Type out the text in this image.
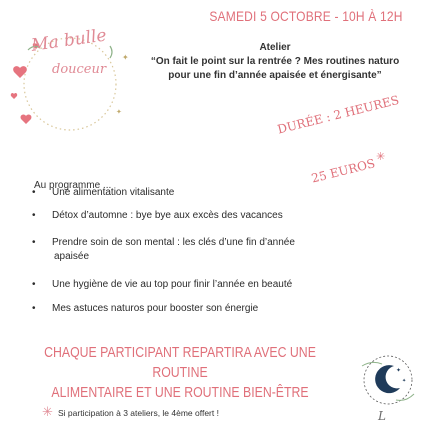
✦
✦
Ma bulle
douceur
SAMEDI 5 OCTOBRE - 10H À 12H
Atelier
“On fait le point sur la rentrée ? Mes routines naturo pour une fin d’année apaisée et énergisante”
DURÉE : 2 HEURES
✳
25 EUROS
Au programme ...
• Une alimentation vitalisante
• Détox d’automne : bye bye aux excès des vacances
• Prendre soin de son mental : les clés d’une fin d’année
apaisée
• Une hygiène de vie au top pour finir l’année en beauté
• Mes astuces naturos pour booster son énergie
CHAQUE PARTICIPANT REPARTIRA AVEC UNE ROUTINE
ALIMENTAIRE ET UNE ROUTINE BIEN-ÊTRE
✳ Si participation à 3 ateliers, le 4ème offert !
✦
✦
L
